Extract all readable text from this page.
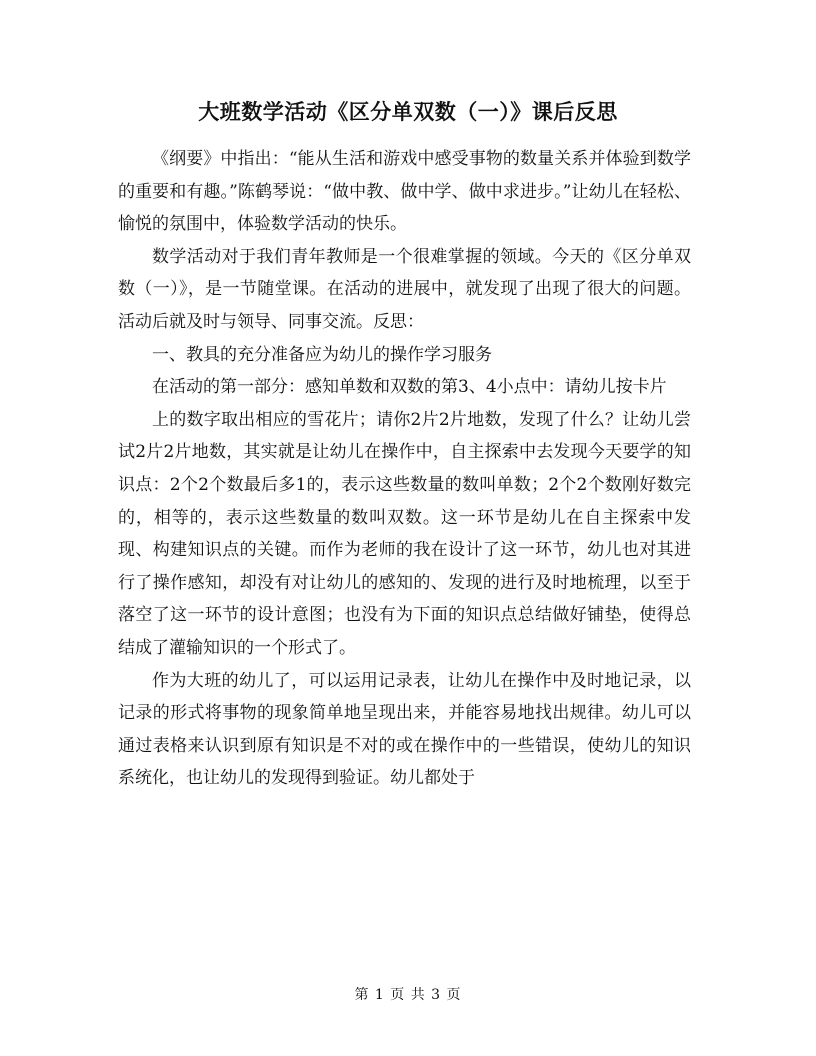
大班数学活动《区分单双数（一）》课后反思

《纲要》中指出：“能从生活和游戏中感受事物的数量关系并体验到数学的重要和有趣。”陈鹤琴说：“做中教、做中学、做中求进步。”让幼儿在轻松、愉悦的氛围中，体验数学活动的快乐。

数学活动对于我们青年教师是一个很难掌握的领域。今天的《区分单双数（一）》，是一节随堂课。在活动的进展中，就发现了出现了很大的问题。活动后就及时与领导、同事交流。反思：

一、教具的充分准备应为幼儿的操作学习服务

在活动的第一部分：感知单数和双数的第3、4小点中：请幼儿按卡片

上的数字取出相应的雪花片；请你2片2片地数，发现了什么？让幼儿尝试2片2片地数，其实就是让幼儿在操作中，自主探索中去发现今天要学的知识点：2个2个数最后多1的，表示这些数量的数叫单数；2个2个数刚好数完的，相等的，表示这些数量的数叫双数。这一环节是幼儿在自主探索中发现、构建知识点的关键。而作为老师的我在设计了这一环节，幼儿也对其进行了操作感知，却没有对让幼儿的感知的、发现的进行及时地梳理，以至于落空了这一环节的设计意图；也没有为下面的知识点总结做好铺垫，使得总结成了灌输知识的一个形式了。

作为大班的幼儿了，可以运用记录表，让幼儿在操作中及时地记录，以记录的形式将事物的现象简单地呈现出来，并能容易地找出规律。幼儿可以通过表格来认识到原有知识是不对的或在操作中的一些错误，使幼儿的知识系统化，也让幼儿的发现得到验证。幼儿都处于

第 1 页 共 3 页
